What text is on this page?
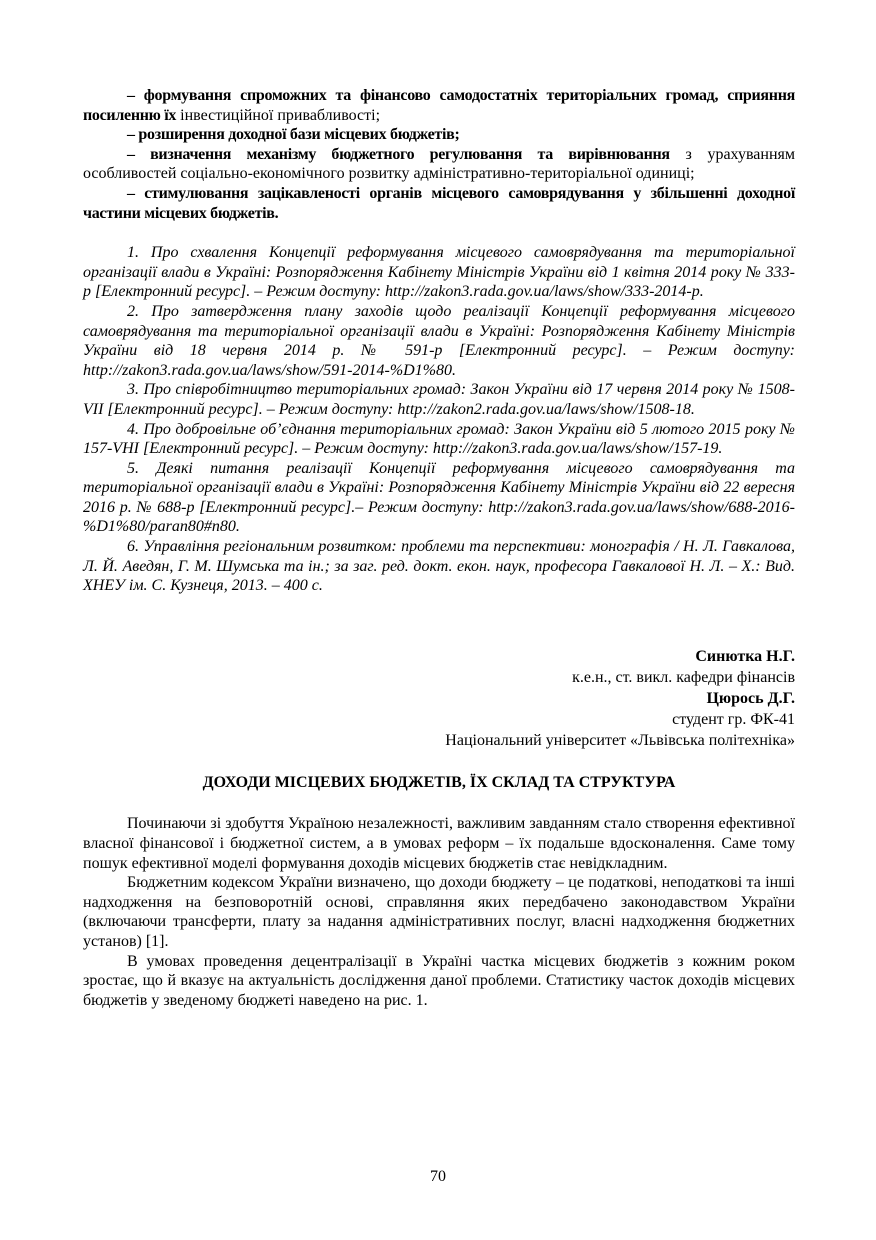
– формування спроможних та фінансово самодостатніх територіальних громад, сприяння посиленню їх інвестиційної привабливості;

– розширення доходної бази місцевих бюджетів;

– визначення механізму бюджетного регулювання та вирівнювання з урахуванням особливостей соціально-економічного розвитку адміністративно-територіальної одиниці;

– стимулювання зацікавленості органів місцевого самоврядування у збільшенні доходної частини місцевих бюджетів.

1. Про схвалення Концепції реформування місцевого самоврядування та територіальної організації влади в Україні: Розпорядження Кабінету Міністрів України від 1 квітня 2014 року № 333-р [Електронний ресурс]. – Режим доступу: http://zakon3.rada.gov.ua/laws/show/333-2014-р.

2. Про затвердження плану заходів щодо реалізації Концепції реформування місцевого самоврядування та територіальної організації влади в Україні: Розпорядження Кабінету Міністрів України від 18 червня 2014 р. № 591-р [Електронний ресурс]. – Режим доступу: http://zakon3.rada.gov.ua/laws/show/591-2014-%D1%80.

3. Про співробітництво територіальних громад: Закон України від 17 червня 2014 року № 1508-VII [Електронний ресурс]. – Режим доступу: http://zakon2.rada.gov.ua/laws/show/1508-18.

4. Про добровільне об’єднання територіальних громад: Закон України від 5 лютого 2015 року № 157-VHI [Електронний ресурс]. – Режим доступу: http://zakon3.rada.gov.ua/laws/show/157-19.

5. Деякі питання реалізації Концепції реформування місцевого самоврядування та територіальної організації влади в Україні: Розпорядження Кабінету Міністрів України від 22 вересня 2016 р. № 688-р [Електронний ресурс].– Режим доступу: http://zakon3.rada.gov.ua/laws/show/688-2016-%D1%80/paran80#n80.

6. Управління регіональним розвитком: проблеми та перспективи: монографія / Н. Л. Гавкалова, Л. Й. Аведян, Г. М. Шумська та ін.; за заг. ред. докт. екон. наук, професора Гавкалової Н. Л. – Х.: Вид. ХНЕУ ім. С. Кузнеця, 2013. – 400 с.

Синютка Н.Г.
к.е.н., ст. викл. кафедри фінансів
Цюрось Д.Г.
студент гр. ФК-41
Національний університет «Львівська політехніка»
ДОХОДИ МІСЦЕВИХ БЮДЖЕТІВ, ЇХ СКЛАД ТА СТРУКТУРА

Починаючи зі здобуття Україною незалежності, важливим завданням стало створення ефективної власної фінансової і бюджетної систем, а в умовах реформ – їх подальше вдосконалення. Саме тому пошук ефективної моделі формування доходів місцевих бюджетів стає невідкладним.

Бюджетним кодексом України визначено, що доходи бюджету – це податкові, неподаткові та інші надходження на безповоротній основі, справляння яких передбачено законодавством України (включаючи трансферти, плату за надання адміністративних послуг, власні надходження бюджетних установ) [1].

В умовах проведення децентралізації в Україні частка місцевих бюджетів з кожним роком зростає, що й вказує на актуальність дослідження даної проблеми. Статистику часток доходів місцевих бюджетів у зведеному бюджеті наведено на рис. 1.

70
